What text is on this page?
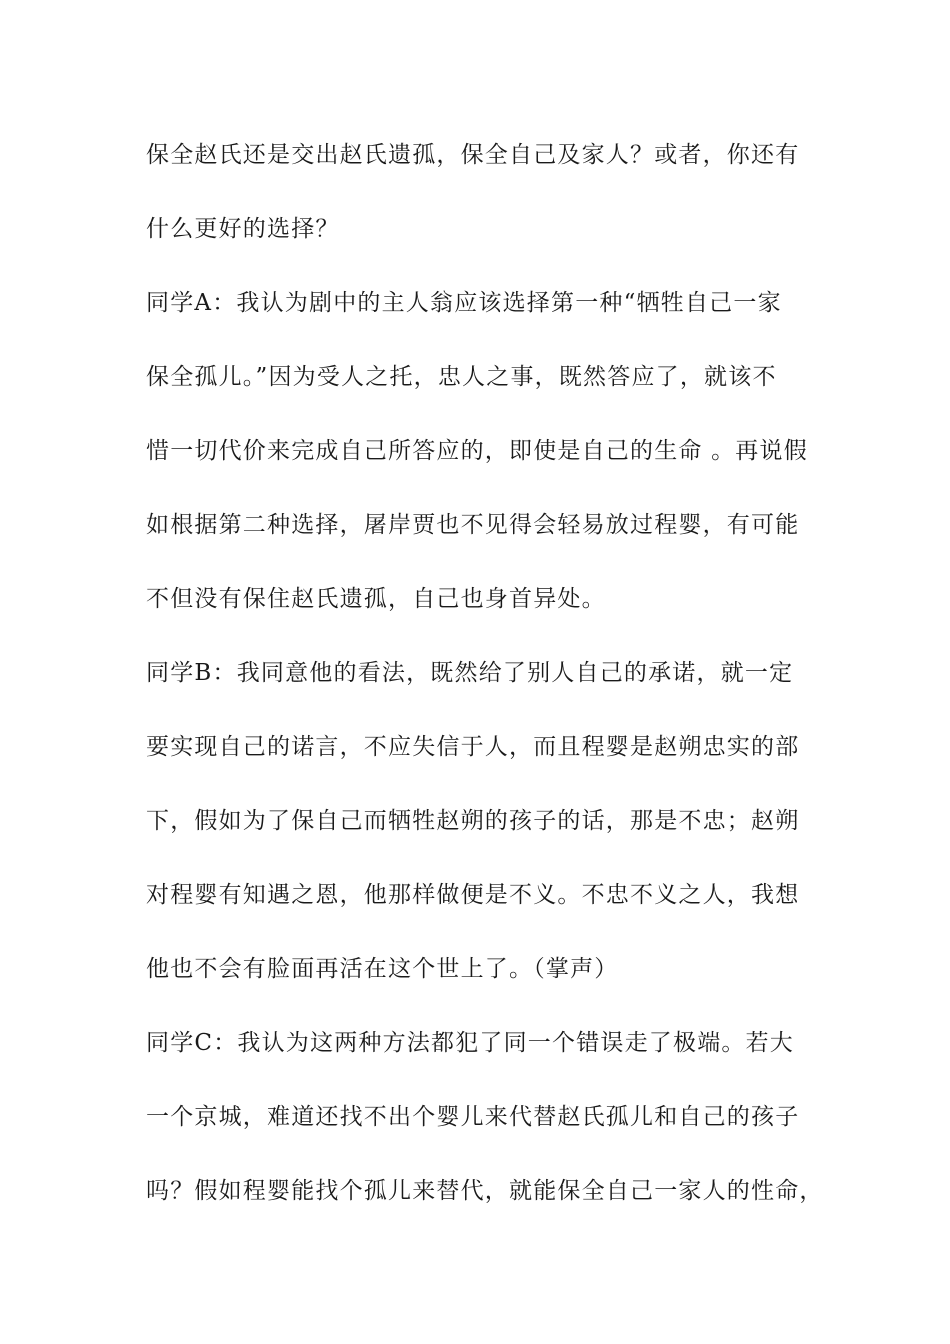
保全赵氏还是交出赵氏遗孤，保全自己及家人？或者，你还有
什么更好的选择？
同学A：我认为剧中的主人翁应该选择第一种“牺牲自己一家
保全孤儿。”因为受人之托，忠人之事，既然答应了，就该不
惜一切代价来完成自己所答应的，即使是自己的生命 。再说假
如根据第二种选择，屠岸贾也不见得会轻易放过程婴，有可能
不但没有保住赵氏遗孤，自己也身首异处。
同学B：我同意他的看法，既然给了别人自己的承诺，就一定
要实现自己的诺言，不应失信于人，而且程婴是赵朔忠实的部
下，假如为了保自己而牺牲赵朔的孩子的话，那是不忠；赵朔
对程婴有知遇之恩，他那样做便是不义。不忠不义之人，我想
他也不会有脸面再活在这个世上了。（掌声）
同学C：我认为这两种方法都犯了同一个错误走了极端。若大
一个京城，难道还找不出个婴儿来代替赵氏孤儿和自己的孩子
吗？假如程婴能找个孤儿来替代，就能保全自己一家人的性命，
